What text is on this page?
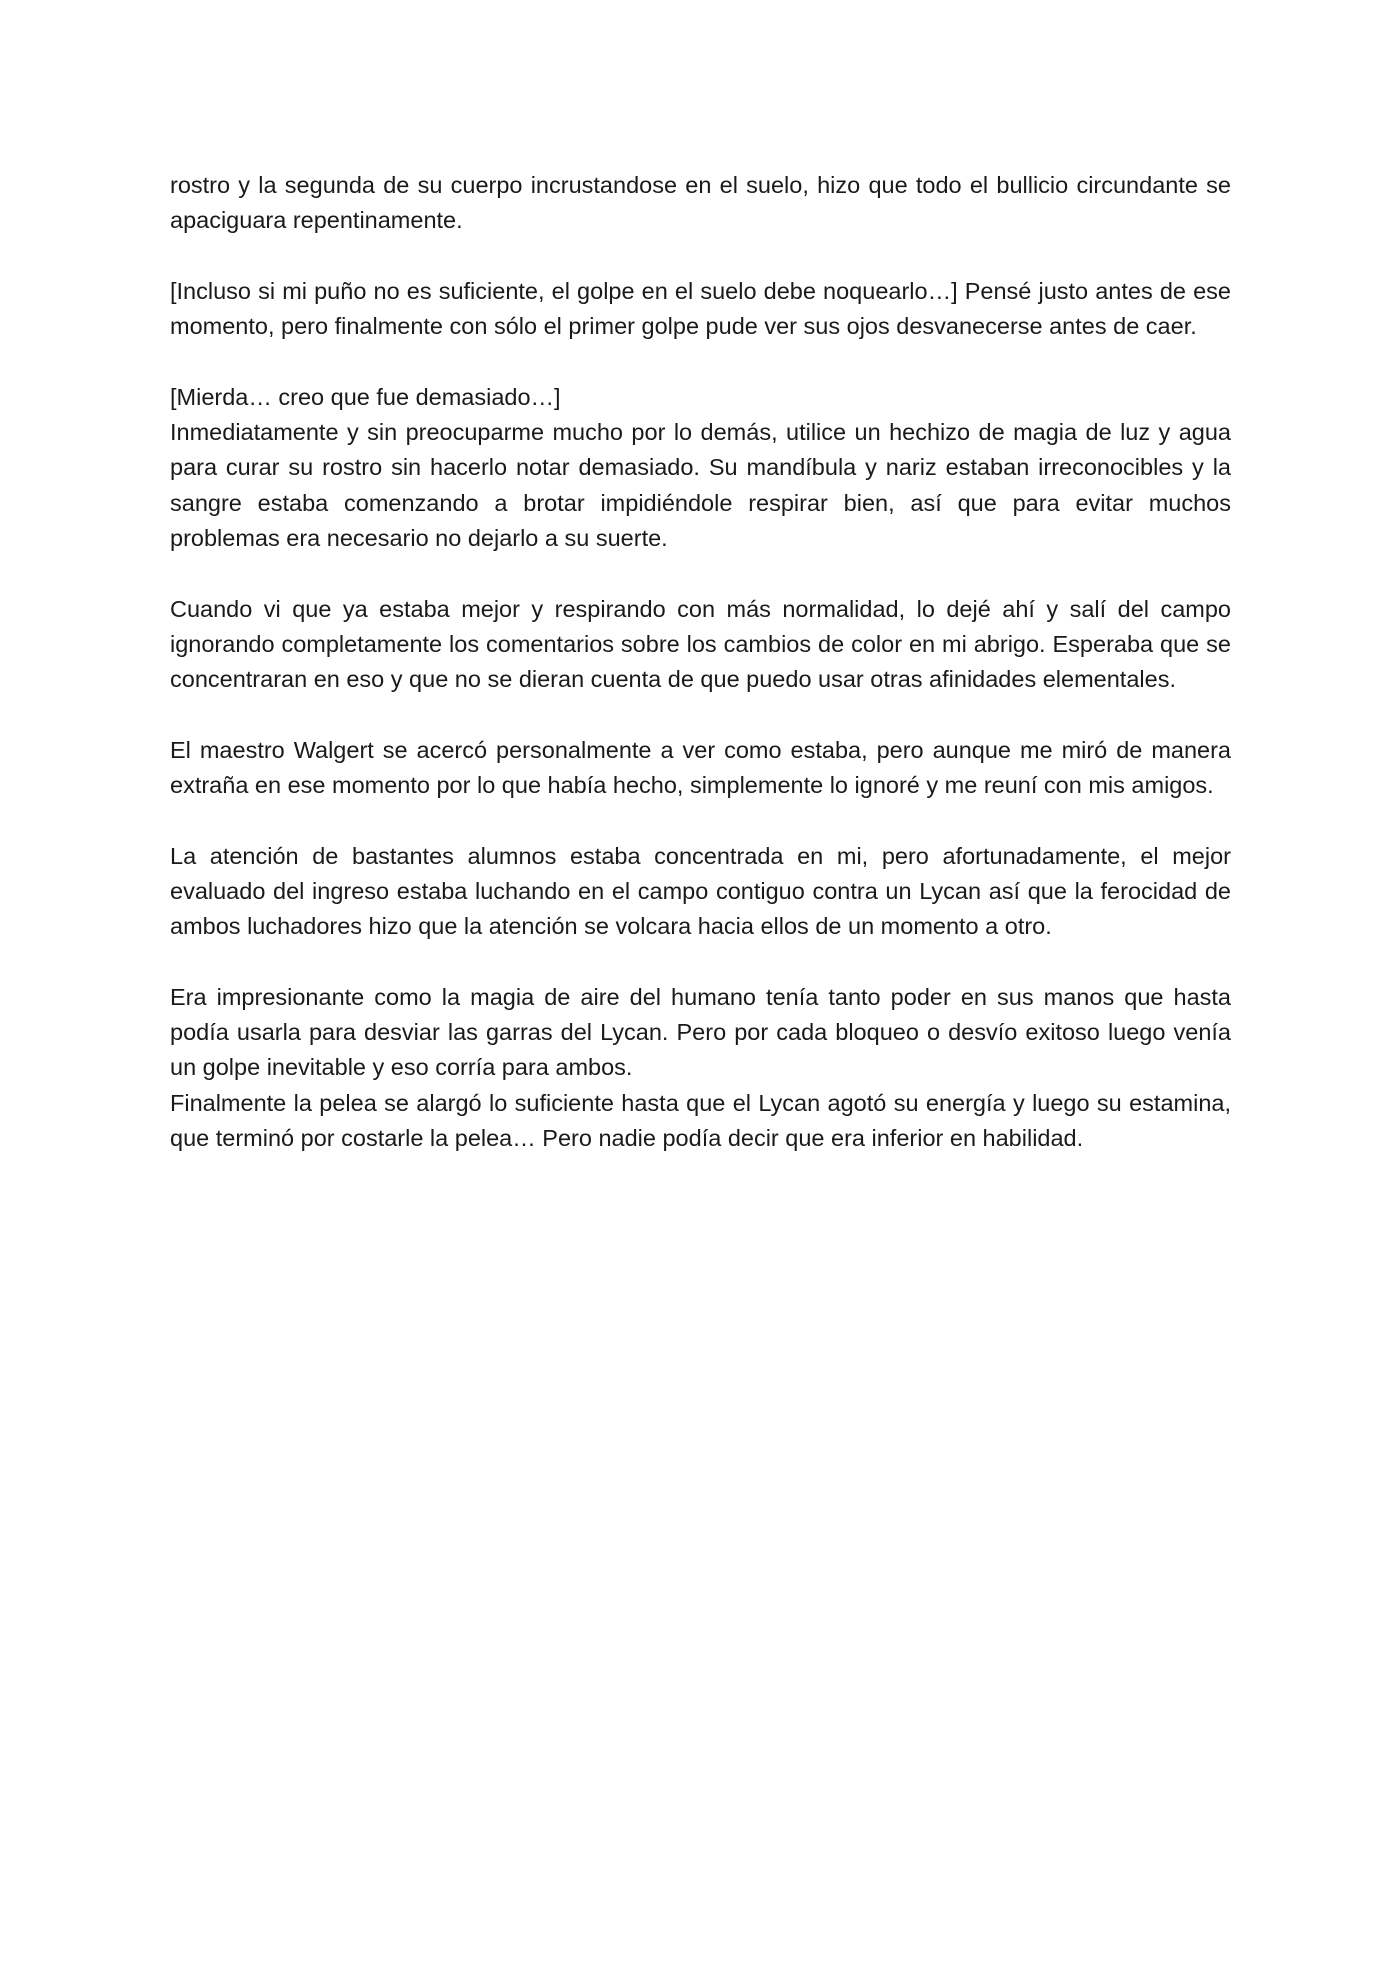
rostro y la segunda de su cuerpo incrustandose en el suelo, hizo que todo el bullicio circundante se apaciguara repentinamente.

[Incluso si mi puño no es suficiente, el golpe en el suelo debe noquearlo…] Pensé justo antes de ese momento, pero finalmente con sólo el primer golpe pude ver sus ojos desvanecerse antes de caer.

[Mierda… creo que fue demasiado…]

Inmediatamente y sin preocuparme mucho por lo demás, utilice un hechizo de magia de luz y agua para curar su rostro sin hacerlo notar demasiado. Su mandíbula y nariz estaban irreconocibles y la sangre estaba comenzando a brotar impidiéndole respirar bien, así que para evitar muchos problemas era necesario no dejarlo a su suerte.

Cuando vi que ya estaba mejor y respirando con más normalidad, lo dejé ahí y salí del campo ignorando completamente los comentarios sobre los cambios de color en mi abrigo. Esperaba que se concentraran en eso y que no se dieran cuenta de que puedo usar otras afinidades elementales.

El maestro Walgert se acercó personalmente a ver como estaba, pero aunque me miró de manera extraña en ese momento por lo que había hecho, simplemente lo ignoré y me reuní con mis amigos.

La atención de bastantes alumnos estaba concentrada en mi, pero afortunadamente, el mejor evaluado del ingreso estaba luchando en el campo contiguo contra un Lycan así que la ferocidad de ambos luchadores hizo que la atención se volcara hacia ellos de un momento a otro.

Era impresionante como la magia de aire del humano tenía tanto poder en sus manos que hasta podía usarla para desviar las garras del Lycan. Pero por cada bloqueo o desvío exitoso luego venía un golpe inevitable y eso corría para ambos.

Finalmente la pelea se alargó lo suficiente hasta que el Lycan agotó su energía y luego su estamina, que terminó por costarle la pelea… Pero nadie podía decir que era inferior en habilidad.
